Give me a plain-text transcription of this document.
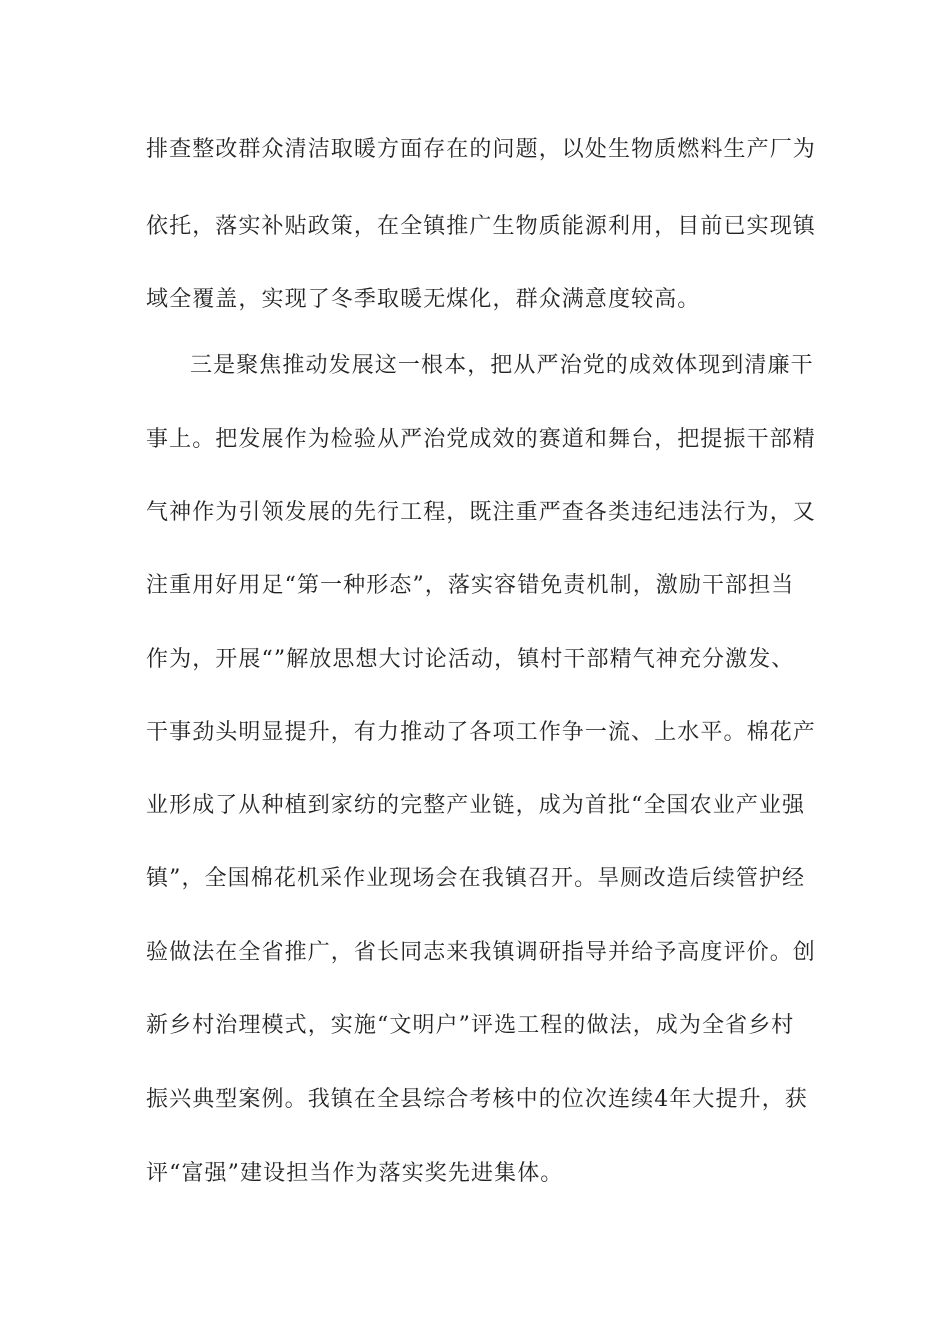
排查整改群众清洁取暖方面存在的问题，以处生物质燃料生产厂为
依托，落实补贴政策，在全镇推广生物质能源利用，目前已实现镇
域全覆盖，实现了冬季取暖无煤化，群众满意度较高。
三是聚焦推动发展这一根本，把从严治党的成效体现到清廉干
事上。把发展作为检验从严治党成效的赛道和舞台，把提振干部精
气神作为引领发展的先行工程，既注重严查各类违纪违法行为，又
注重用好用足“第一种形态”，落实容错免责机制，激励干部担当
作为，开展“”解放思想大讨论活动，镇村干部精气神充分激发、
干事劲头明显提升，有力推动了各项工作争一流、上水平。棉花产
业形成了从种植到家纺的完整产业链，成为首批“全国农业产业强
镇”，全国棉花机采作业现场会在我镇召开。旱厕改造后续管护经
验做法在全省推广，省长同志来我镇调研指导并给予高度评价。创
新乡村治理模式，实施“文明户”评选工程的做法，成为全省乡村
振兴典型案例。我镇在全县综合考核中的位次连续4年大提升，获
评“富强”建设担当作为落实奖先进集体。
